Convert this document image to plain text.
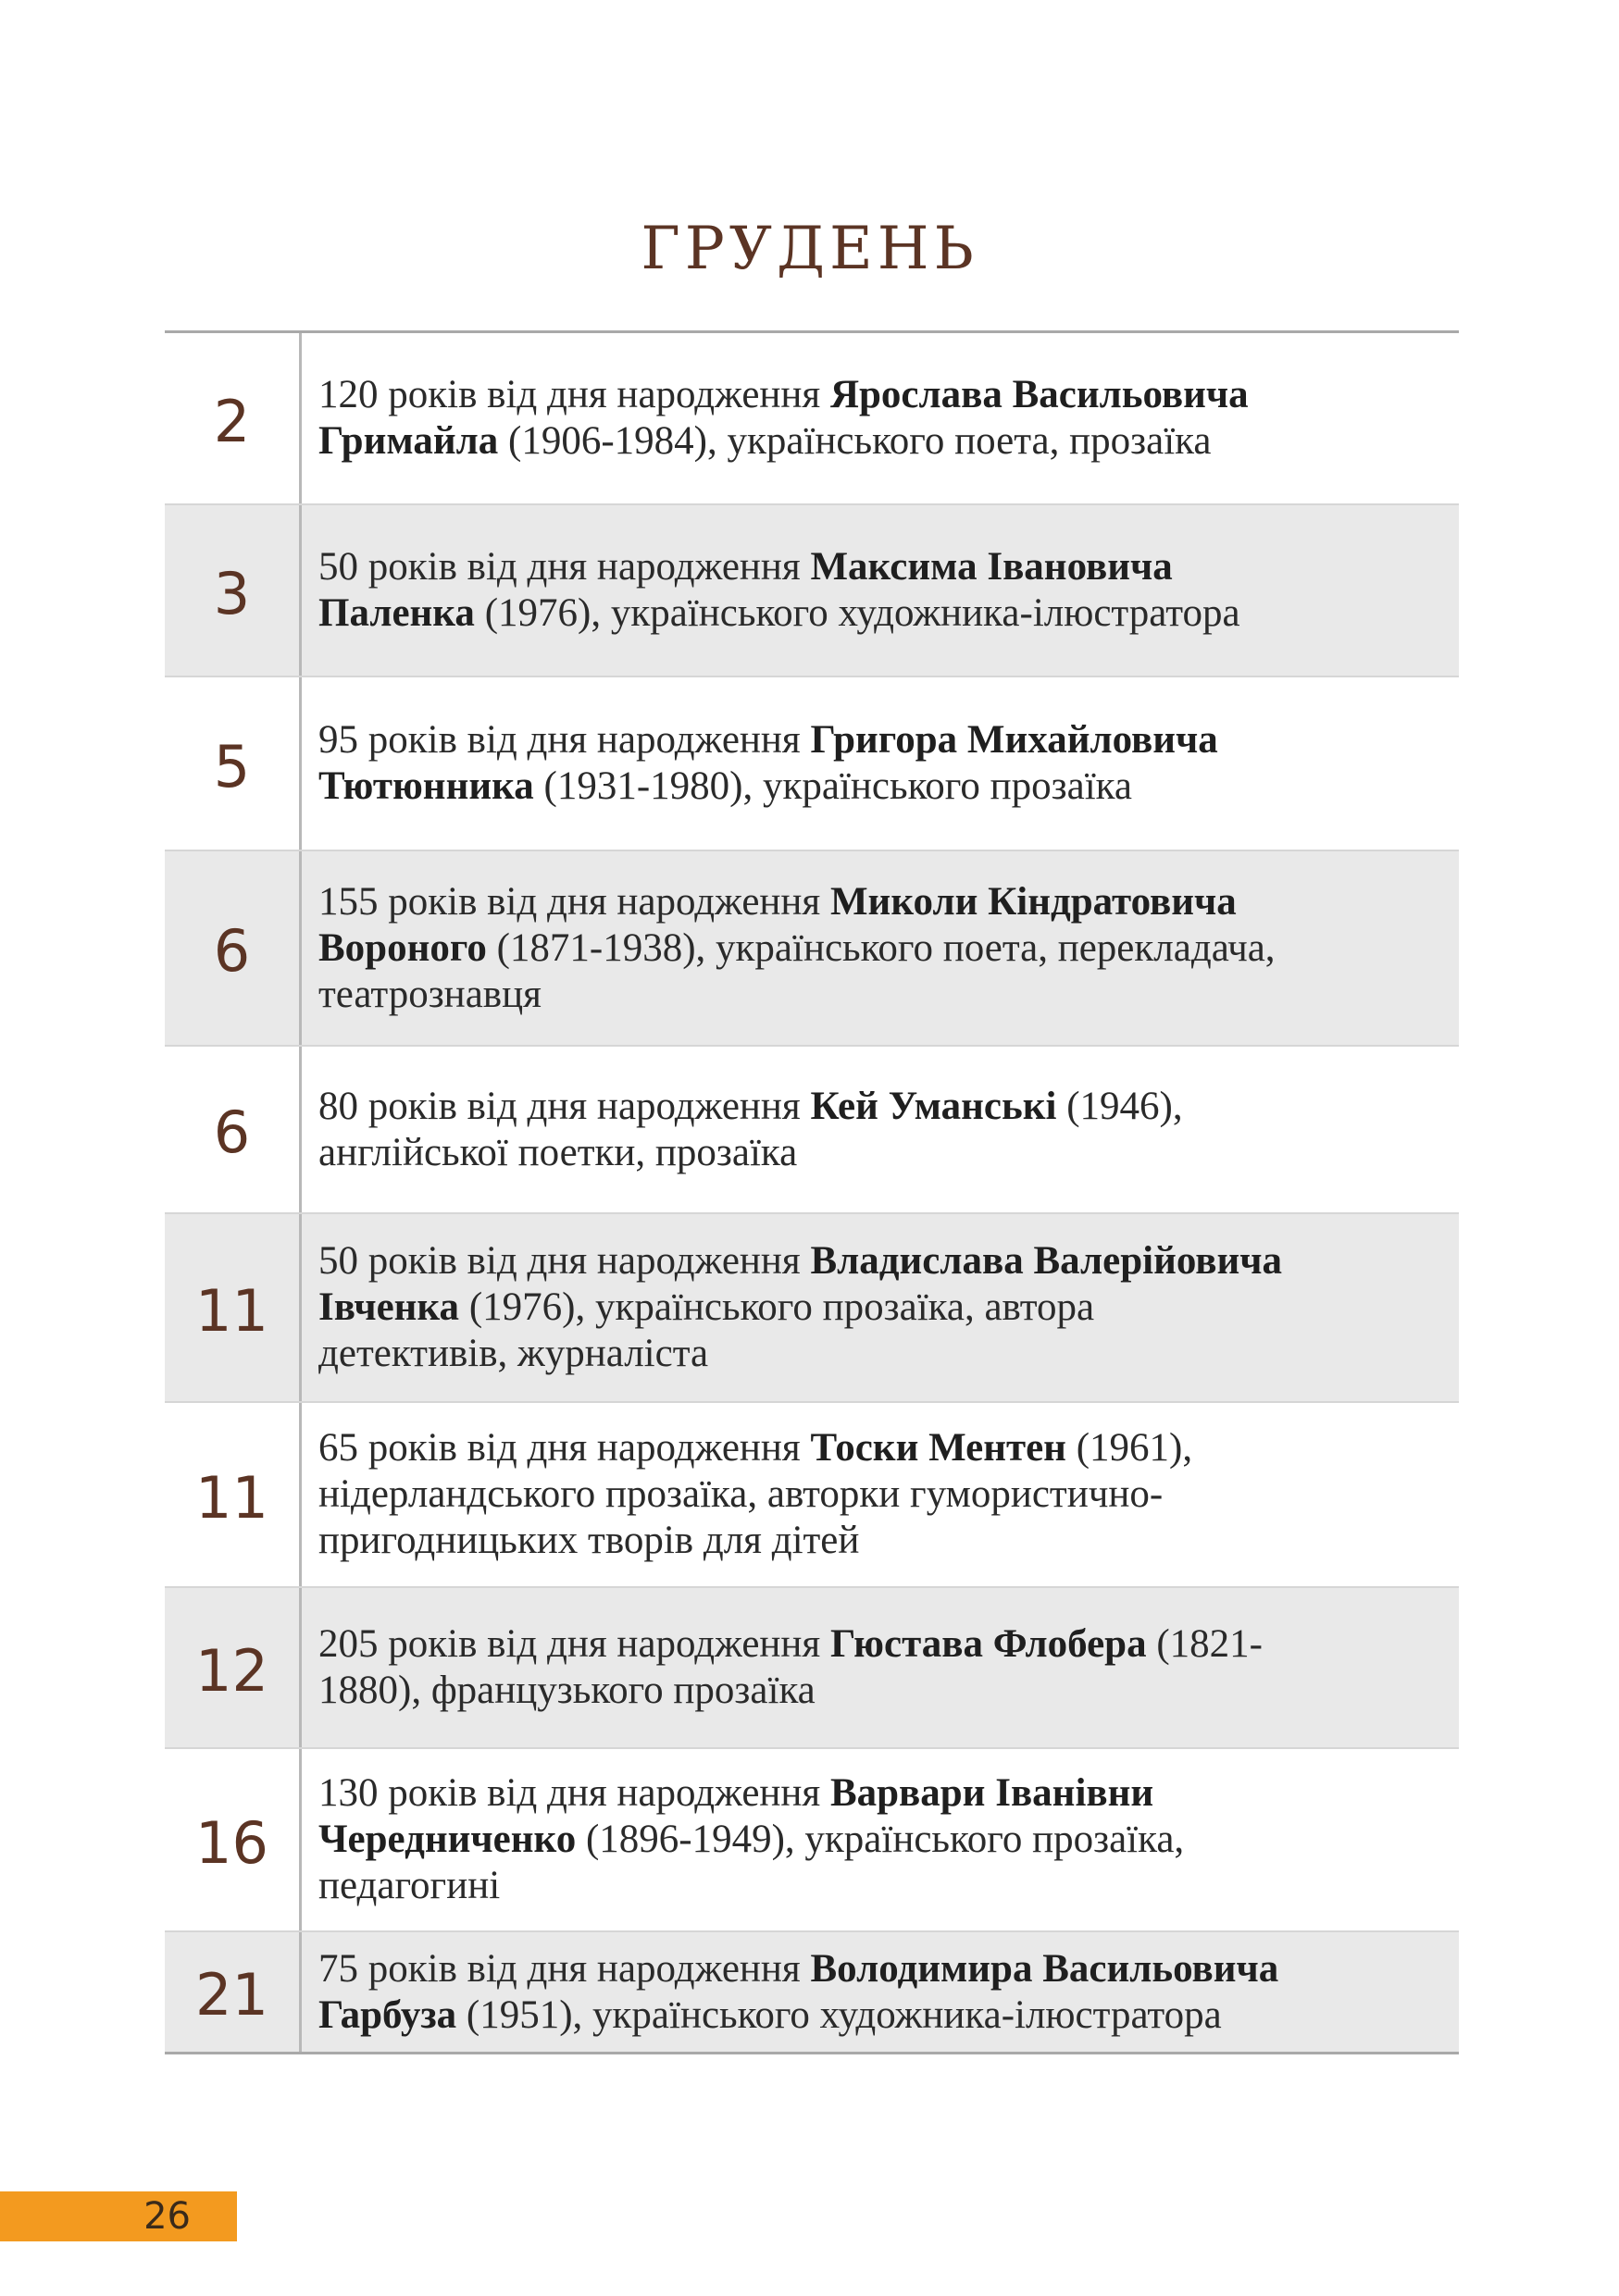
ГРУДЕНЬ
2	120 років від дня народження Ярослава Васильовича
Гримайла (1906-1984), українського поета, прозаїка
3	50 років від дня народження Максима Івановича
Паленка (1976), українського художника-ілюстратора
5	95 років від дня народження Григора Михайловича
Тютюнника (1931-1980), українського прозаїка
6
155 років від дня народження Миколи Кіндратовича
Вороного (1871-1938), українського поета, перекладача,
театрознавця
6	80 років від дня народження Кей Уманські (1946),
англійської поетки, прозаїка
11
50 років від дня народження Владислава Валерійовича
Івченка (1976), українського прозаїка, автора
детективів, журналіста
11
65 років від дня народження Тоски Ментен (1961),
нідерландського прозаїка, авторки гумористично-
пригодницьких творів для дітей
12	205 років від дня народження Гюстава Флобера (1821-
1880), французького прозаїка
16
130 років від дня народження Варвари Іванівни
Чередниченко (1896-1949), українського прозаїка,
педагогині
21	75 років від дня народження Володимира Васильовича
Гарбуза (1951), українського художника-ілюстратора
26
